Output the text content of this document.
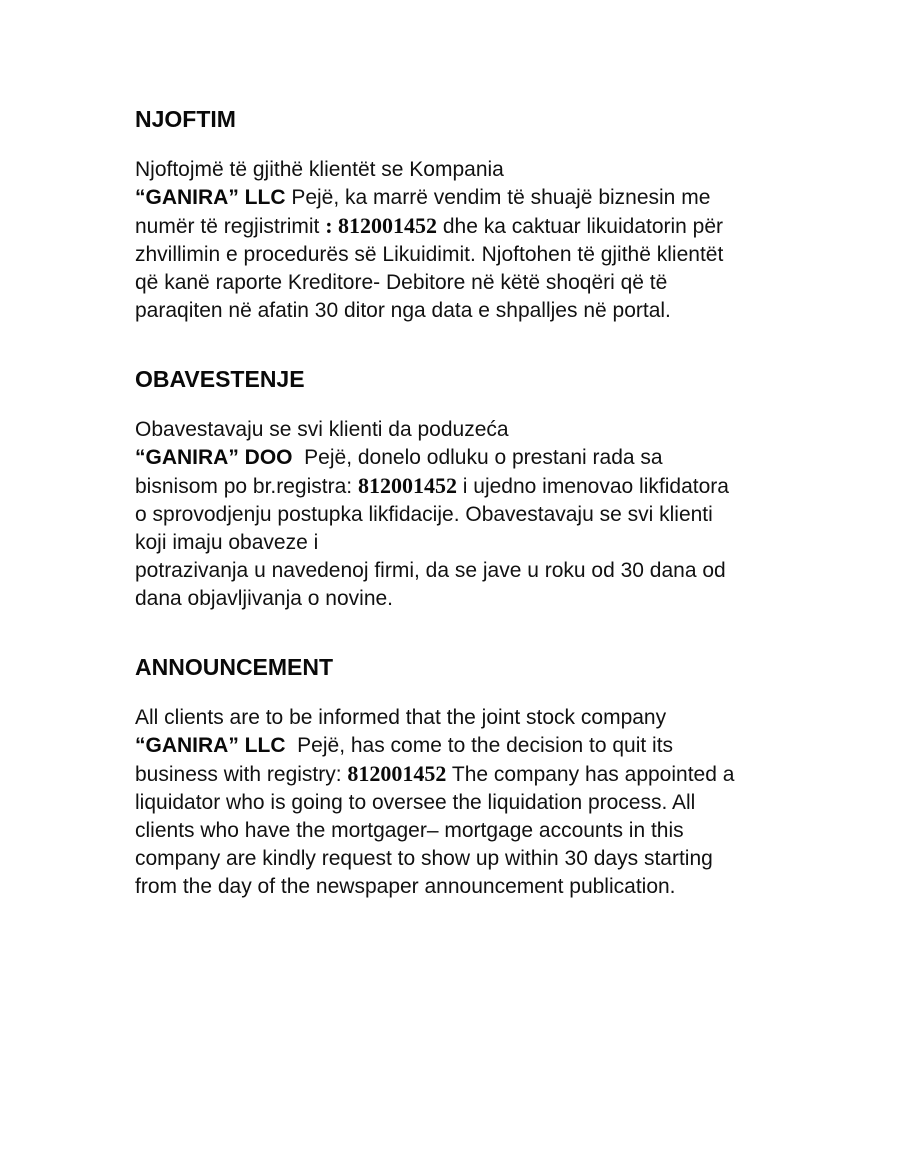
NJOFTIM
Njoftojmë të gjithë klientët se Kompania
“GANIRA” LLC Pejë, ka marrë vendim të shuajë biznesin me
numër të regjistrimit : 812001452 dhe ka caktuar likuidatorin për
zhvillimin e procedurës së Likuidimit. Njoftohen të gjithë klientët
që kanë raporte Kreditore- Debitore në këtë shoqëri që të
paraqiten në afatin 30 ditor nga data e shpalljes në portal.
OBAVESTENJE
Obavestavaju se svi klienti da poduzeća
“GANIRA” DOO  Pejë, donelo odluku o prestani rada sa
bisnisom po br.registra: 812001452 i ujedno imenovao likfidatora
o sprovodjenju postupka likfidacije. Obavestavaju se svi klienti
koji imaju obaveze i
potrazivanja u navedenoj firmi, da se jave u roku od 30 dana od
dana objavljivanja o novine.
ANNOUNCEMENT
All clients are to be informed that the joint stock company
“GANIRA” LLC  Pejë, has come to the decision to quit its
business with registry: 812001452 The company has appointed a
liquidator who is going to oversee the liquidation process. All
clients who have the mortgager– mortgage accounts in this
company are kindly request to show up within 30 days starting
from the day of the newspaper announcement publication.
